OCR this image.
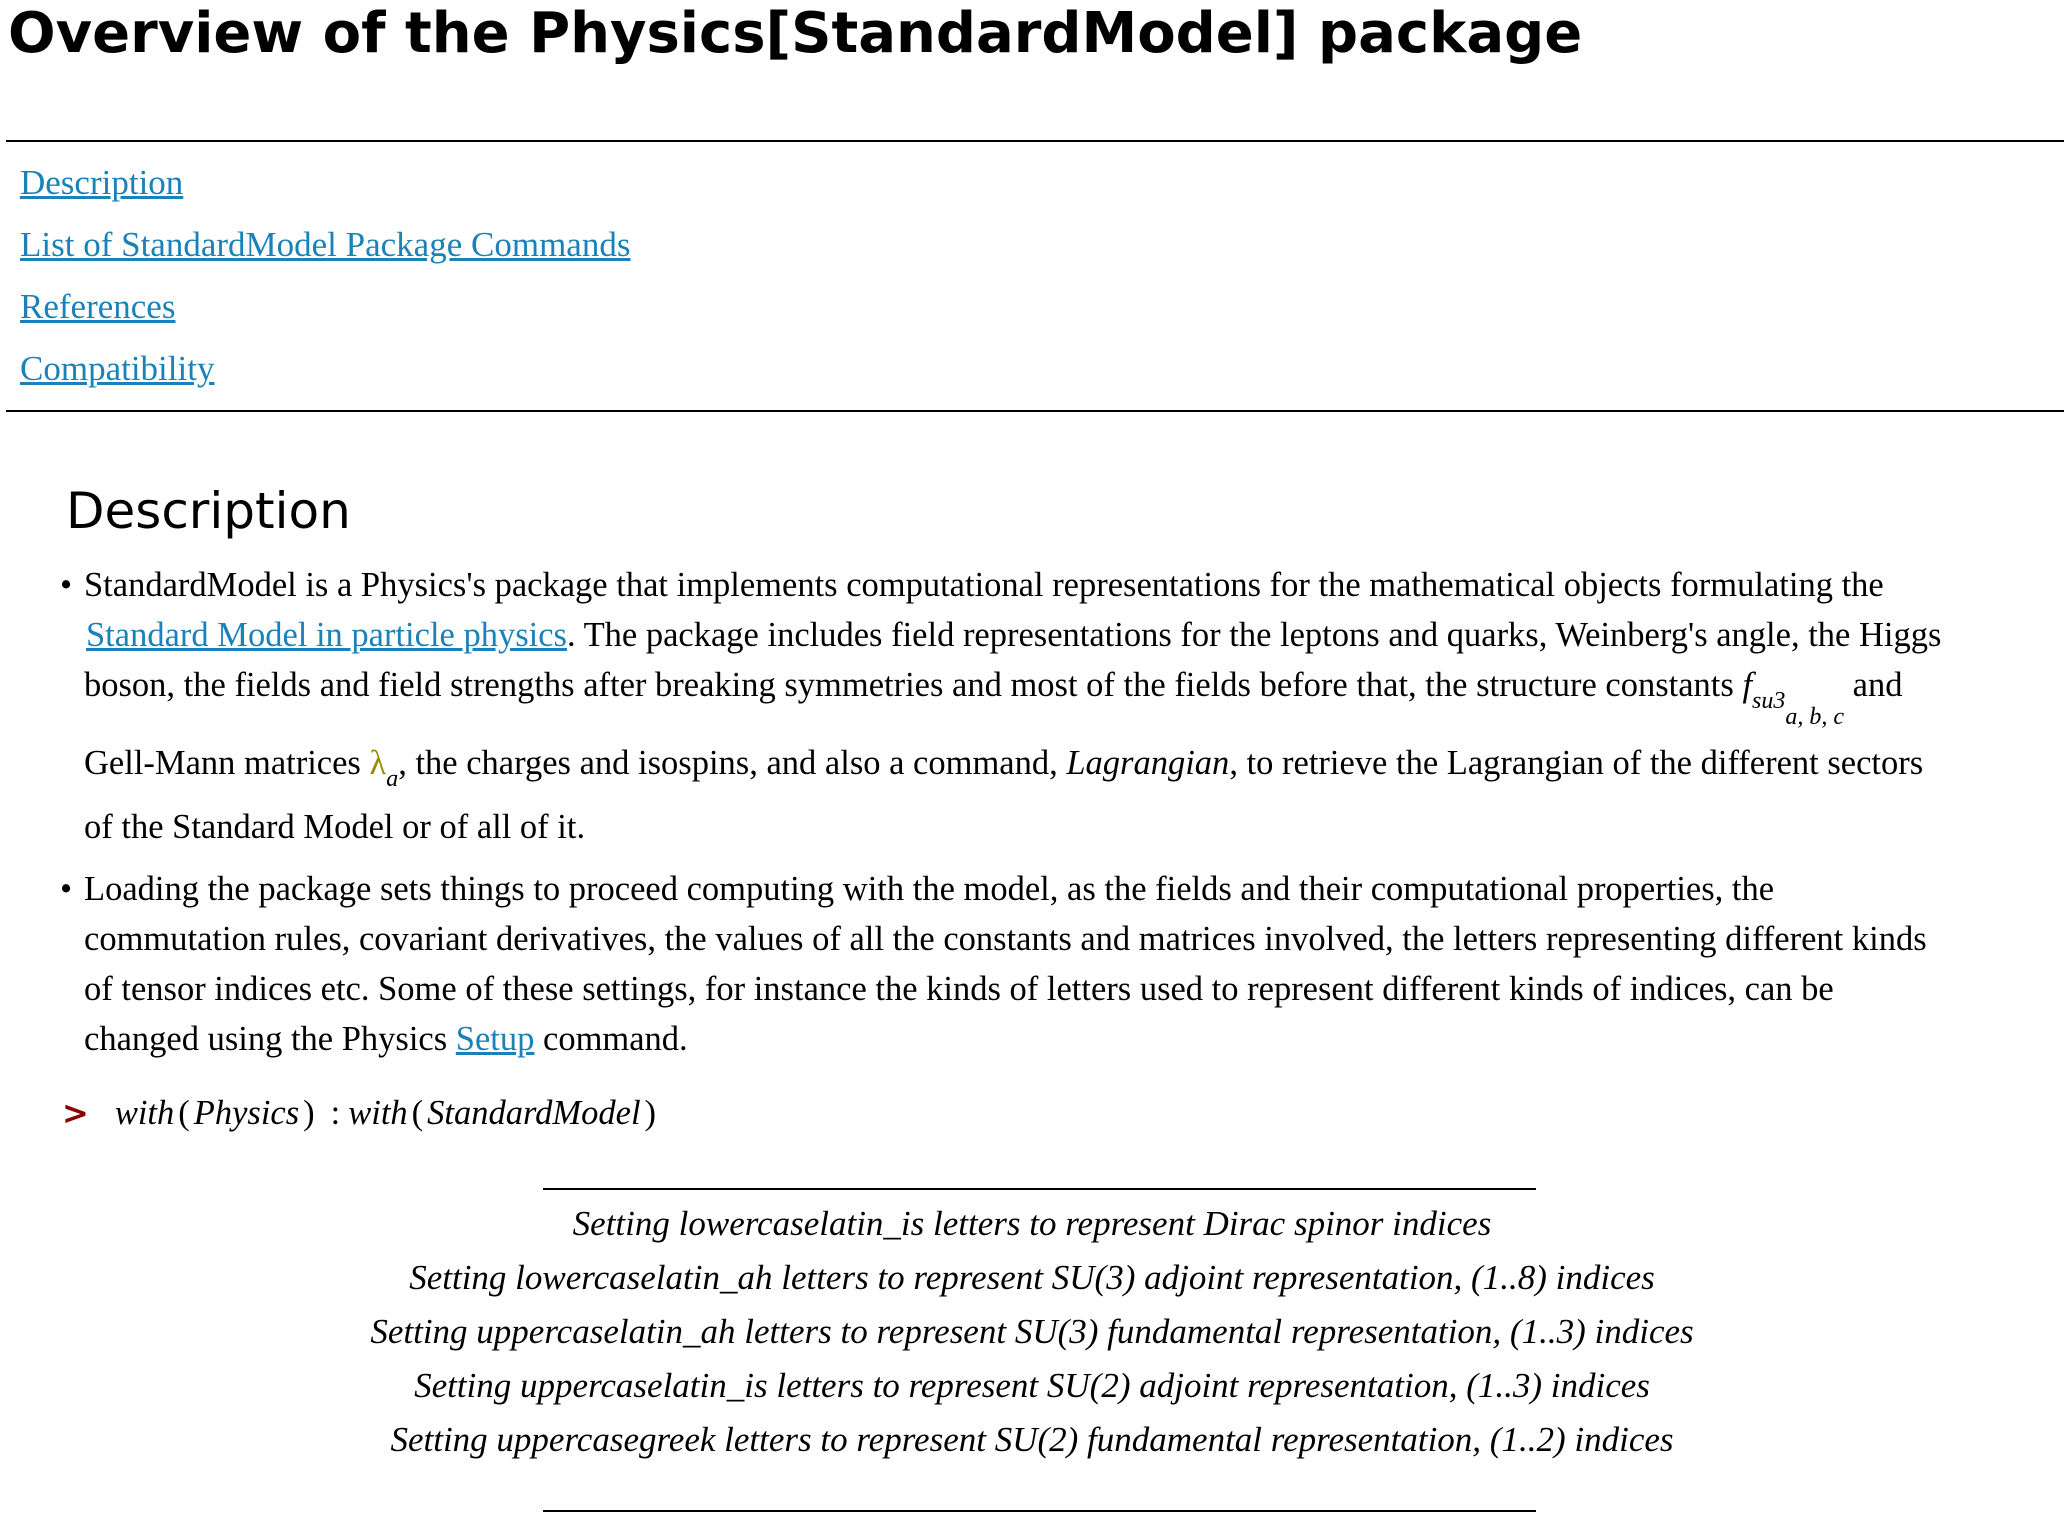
Overview of the Physics[StandardModel] package
Description
List of StandardModel Package Commands
References
Compatibility
Description
• StandardModel is a Physics's package that implements computational representations for the mathematical objects formulating the
Standard Model in particle physics. The package includes field representations for the leptons and quarks, Weinberg's angle, the Higgs
boson, the fields and field strengths after breaking symmetries and most of the fields before that, the structure constants $f_{su3a, b, c}$ and
Gell-Mann matrices $\lambda_a$, the charges and isospins, and also a command, Lagrangian, to retrieve the Lagrangian of the different sectors
of the Standard Model or of all of it.
• Loading the package sets things to proceed computing with the model, as the fields and their computational properties, the
commutation rules, covariant derivatives, the values of all the constants and matrices involved, the letters representing different kinds
of tensor indices etc. Some of these settings, for instance the kinds of letters used to represent different kinds of indices, can be
changed using the Physics Setup command.
> with ( Physics ) : with ( StandardModel )
Setting lowercaselatin_is letters to represent Dirac spinor indices
Setting lowercaselatin_ah letters to represent SU(3) adjoint representation, (1..8) indices
Setting uppercaselatin_ah letters to represent SU(3) fundamental representation, (1..3) indices
Setting uppercaselatin_is letters to represent SU(2) adjoint representation, (1..3) indices
Setting uppercasegreek letters to represent SU(2) fundamental representation, (1..2) indices
